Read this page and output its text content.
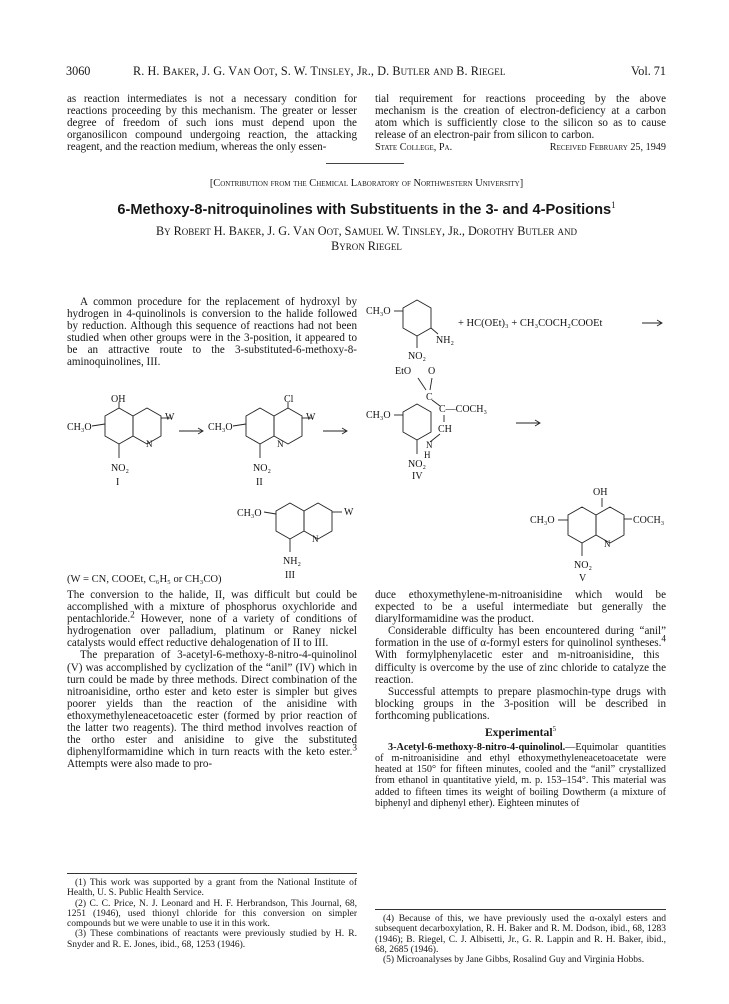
3060	R. H. Baker, J. G. Van Oot, S. W. Tinsley, Jr., D. Butler and B. Riegel	Vol. 71

as reaction intermediates is not a necessary condition for reactions proceeding by this mechanism. The greater or lesser degree of freedom of such ions must depend upon the organosilicon compound undergoing reaction, the attacking reagent, and the reaction medium, whereas the only essen-

tial requirement for reactions proceeding by the above mechanism is the creation of electron-deficiency at a carbon atom which is sufficiently close to the silicon so as to cause release of an electron-pair from silicon to carbon.

State College, Pa.	Received February 25, 1949
[Contribution from the Chemical Laboratory of Northwestern University]
6-Methoxy-8-nitroquinolines with Substituents in the 3- and 4-Positions$^1$
By Robert H. Baker, J. G. Van Oot, Samuel W. Tinsley, Jr., Dorothy Butler and
Byron Riegel

A common procedure for the replacement of hydroxyl by hydrogen in 4-quinolinols is conversion to the halide followed by reduction. Although this sequence of reactions had not been studied when other groups were in the 3-position, it appeared to be an attractive route to the 3-substituted-6-methoxy-8-aminoquinolines, III.

OH
CH₃O
W
N
NO₂
I
Cl
CH₃O
W
N
NO₂
II
CH₃O	W
N
NH₂
III
(W = CN, COOEt, C₆H₅ or CH₃CO)
CH₃O
NH₂
NO₂
+ HC(OEt)₃ + CH₃COCH₂COOEt
EtO O
C
C—COCH₃
CH
CH₃O
N
H
NO₂
IV
OH
CH₃O	COCH₃
N
NO₂
V

The conversion to the halide, II, was difficult but could be accomplished with a mixture of phosphorus oxychloride and pentachloride.$^2$ However, none of a variety of conditions of hydrogenation over palladium, platinum or Raney nickel catalysts would effect reductive dehalogenation of II to III.

The preparation of 3-acetyl-6-methoxy-8-nitro-4-quinolinol (V) was accomplished by cyclization of the “anil” (IV) which in turn could be made by three methods. Direct combination of the nitroanisidine, ortho ester and keto ester is simpler but gives poorer yields than the reaction of the anisidine with ethoxymethyleneacetoacetic ester (formed by prior reaction of the latter two reagents). The third method involves reaction of the ortho ester and anisidine to give the substituted diphenylformamidine which in turn reacts with the keto ester.$^3$ Attempts were also made to pro-

duce ethoxymethylene-m-nitroanisidine which would be expected to be a useful intermediate but generally the diarylformamidine was the product.

Considerable difficulty has been encountered during “anil” formation in the use of α-formyl esters for quinolinol syntheses.$^4$ With formylphenylacetic ester and m-nitroanisidine, this difficulty is overcome by the use of zinc chloride to catalyze the reaction.

Successful attempts to prepare plasmochin-type drugs with blocking groups in the 3-position will be described in forthcoming publications.

Experimental$^5$

3-Acetyl-6-methoxy-8-nitro-4-quinolinol.—Equimolar quantities of m-nitroanisidine and ethyl ethoxymethyleneacetoacetate were heated at 150° for fifteen minutes, cooled and the “anil” crystallized from ethanol in quantitative yield, m. p. 153–154°. This material was added to fifteen times its weight of boiling Dowtherm (a mixture of biphenyl and diphenyl ether). Eighteen minutes of

(1) This work was supported by a grant from the National Institute of Health, U. S. Public Health Service.

(2) C. C. Price, N. J. Leonard and H. F. Herbrandson, This Journal, 68, 1251 (1946), used thionyl chloride for this conversion on simpler compounds but we were unable to use it in this work.

(3) These combinations of reactants were previously studied by H. R. Snyder and R. E. Jones, ibid., 68, 1253 (1946).

(4) Because of this, we have previously used the α-oxalyl esters and subsequent decarboxylation, R. H. Baker and R. M. Dodson, ibid., 68, 1283 (1946); B. Riegel, C. J. Albisetti, Jr., G. R. Lappin and R. H. Baker, ibid., 68, 2685 (1946).

(5) Microanalyses by Jane Gibbs, Rosalind Guy and Virginia Hobbs.
